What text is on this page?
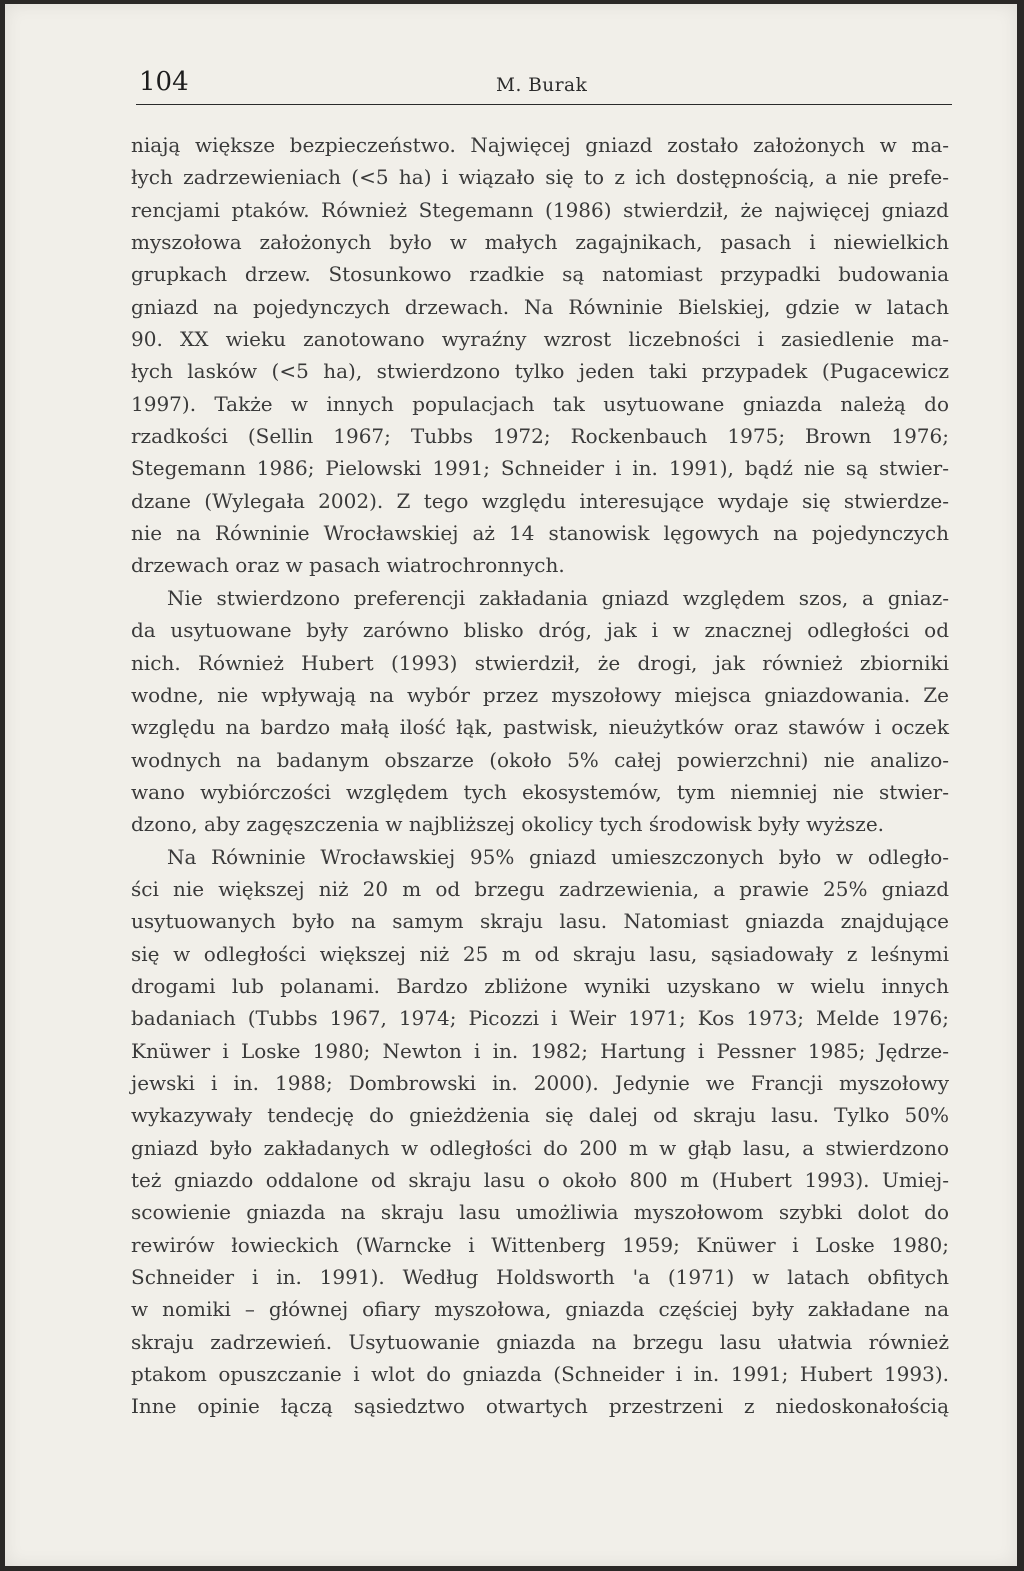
104	M. Burak
niają większe bezpieczeństwo. Najwięcej gniazd zostało założonych w ma-
łych zadrzewieniach (<5 ha) i wiązało się to z ich dostępnością, a nie prefe-
rencjami ptaków. Również Stegemann (1986) stwierdził, że najwięcej gniazd
myszołowa założonych było w małych zagajnikach, pasach i niewielkich
grupkach drzew. Stosunkowo rzadkie są natomiast przypadki budowania
gniazd na pojedynczych drzewach. Na Równinie Bielskiej, gdzie w latach
90. XX wieku zanotowano wyraźny wzrost liczebności i zasiedlenie ma-
łych lasków (<5 ha), stwierdzono tylko jeden taki przypadek (Pugacewicz
1997). Także w innych populacjach tak usytuowane gniazda należą do
rzadkości (Sellin 1967; Tubbs 1972; Rockenbauch 1975; Brown 1976;
Stegemann 1986; Pielowski 1991; Schneider i in. 1991), bądź nie są stwier-
dzane (Wylegała 2002). Z tego względu interesujące wydaje się stwierdze-
nie na Równinie Wrocławskiej aż 14 stanowisk lęgowych na pojedynczych
drzewach oraz w pasach wiatrochronnych.
Nie stwierdzono preferencji zakładania gniazd względem szos, a gniaz-
da usytuowane były zarówno blisko dróg, jak i w znacznej odległości od
nich. Również Hubert (1993) stwierdził, że drogi, jak również zbiorniki
wodne, nie wpływają na wybór przez myszołowy miejsca gniazdowania. Ze
względu na bardzo małą ilość łąk, pastwisk, nieużytków oraz stawów i oczek
wodnych na badanym obszarze (około 5% całej powierzchni) nie analizo-
wano wybiórczości względem tych ekosystemów, tym niemniej nie stwier-
dzono, aby zagęszczenia w najbliższej okolicy tych środowisk były wyższe.
Na Równinie Wrocławskiej 95% gniazd umieszczonych było w odległo-
ści nie większej niż 20 m od brzegu zadrzewienia, a prawie 25% gniazd
usytuowanych było na samym skraju lasu. Natomiast gniazda znajdujące
się w odległości większej niż 25 m od skraju lasu, sąsiadowały z leśnymi
drogami lub polanami. Bardzo zbliżone wyniki uzyskano w wielu innych
badaniach (Tubbs 1967, 1974; Picozzi i Weir 1971; Kos 1973; Melde 1976;
Knüwer i Loske 1980; Newton i in. 1982; Hartung i Pessner 1985; Jędrze-
jewski i in. 1988; Dombrowski in. 2000). Jedynie we Francji myszołowy
wykazywały tendecję do gnieżdżenia się dalej od skraju lasu. Tylko 50%
gniazd było zakładanych w odległości do 200 m w głąb lasu, a stwierdzono
też gniazdo oddalone od skraju lasu o około 800 m (Hubert 1993). Umiej-
scowienie gniazda na skraju lasu umożliwia myszołowom szybki dolot do
rewirów łowieckich (Warncke i Wittenberg 1959; Knüwer i Loske 1980;
Schneider i in. 1991). Według Holdsworth 'a (1971) w latach obfitych
w nomiki – głównej ofiary myszołowa, gniazda częściej były zakładane na
skraju zadrzewień. Usytuowanie gniazda na brzegu lasu ułatwia również
ptakom opuszczanie i wlot do gniazda (Schneider i in. 1991; Hubert 1993).
Inne opinie łączą sąsiedztwo otwartych przestrzeni z niedoskonałością
